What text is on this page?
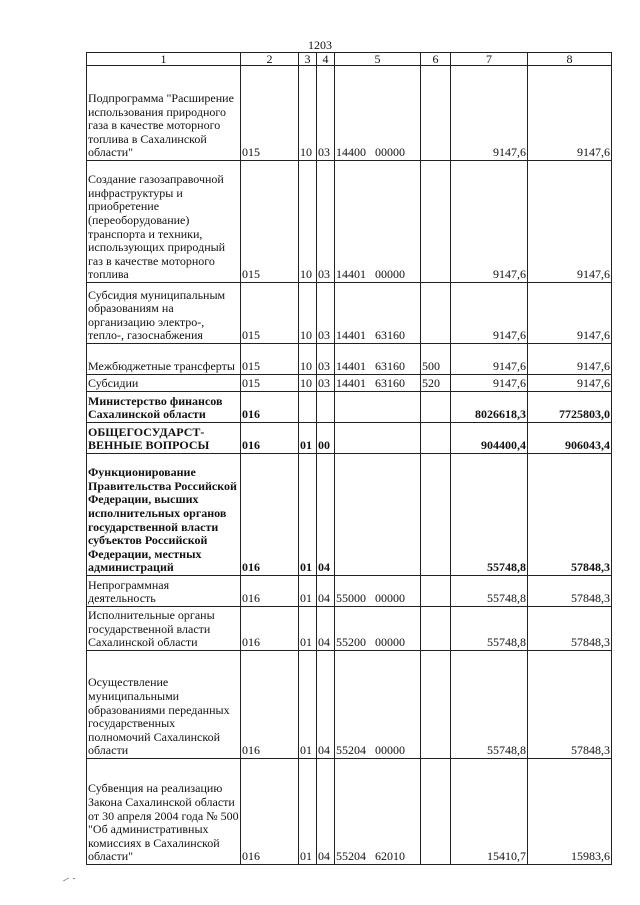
1203
1	2	3	4	5	6	7	8
Подпрограмма "Расширение использования природного газа в качестве моторного топлива в Сахалинской области"	015	10	03	14400 00000		9147,6	9147,6
Создание газозаправочной инфраструктуры и приобретение (переоборудование) транспорта и техники, использующих природный газ в качестве моторного топлива	015	10	03	14401 00000		9147,6	9147,6
Субсидия муниципальным образованиям на организацию электро-, тепло-, газоснабжения	015	10	03	14401 63160		9147,6	9147,6
Межбюджетные трансферты	015	10	03	14401 63160	500	9147,6	9147,6
Субсидии	015	10	03	14401 63160	520	9147,6	9147,6
Министерство финансов Сахалинской области	016					8026618,3	7725803,0
ОБЩЕГОСУДАРСТ-ВЕННЫЕ ВОПРОСЫ	016	01	00			904400,4	906043,4
Функционирование Правительства Российской Федерации, высших исполнительных органов государственной власти субъектов Российской Федерации, местных администраций	016	01	04			55748,8	57848,3
Непрограммная деятельность	016	01	04	55000 00000		55748,8	57848,3
Исполнительные органы государственной власти Сахалинской области	016	01	04	55200 00000		55748,8	57848,3
Осуществление муниципальными образованиями переданных государственных полномочий Сахалинской области	016	01	04	55204 00000		55748,8	57848,3
Субвенция на реализацию Закона Сахалинской области от 30 апреля 2004 года № 500 "Об административных комиссиях в Сахалинской области"	016	01	04	55204 62010		15410,7	15983,6
˗˗ ˏ
